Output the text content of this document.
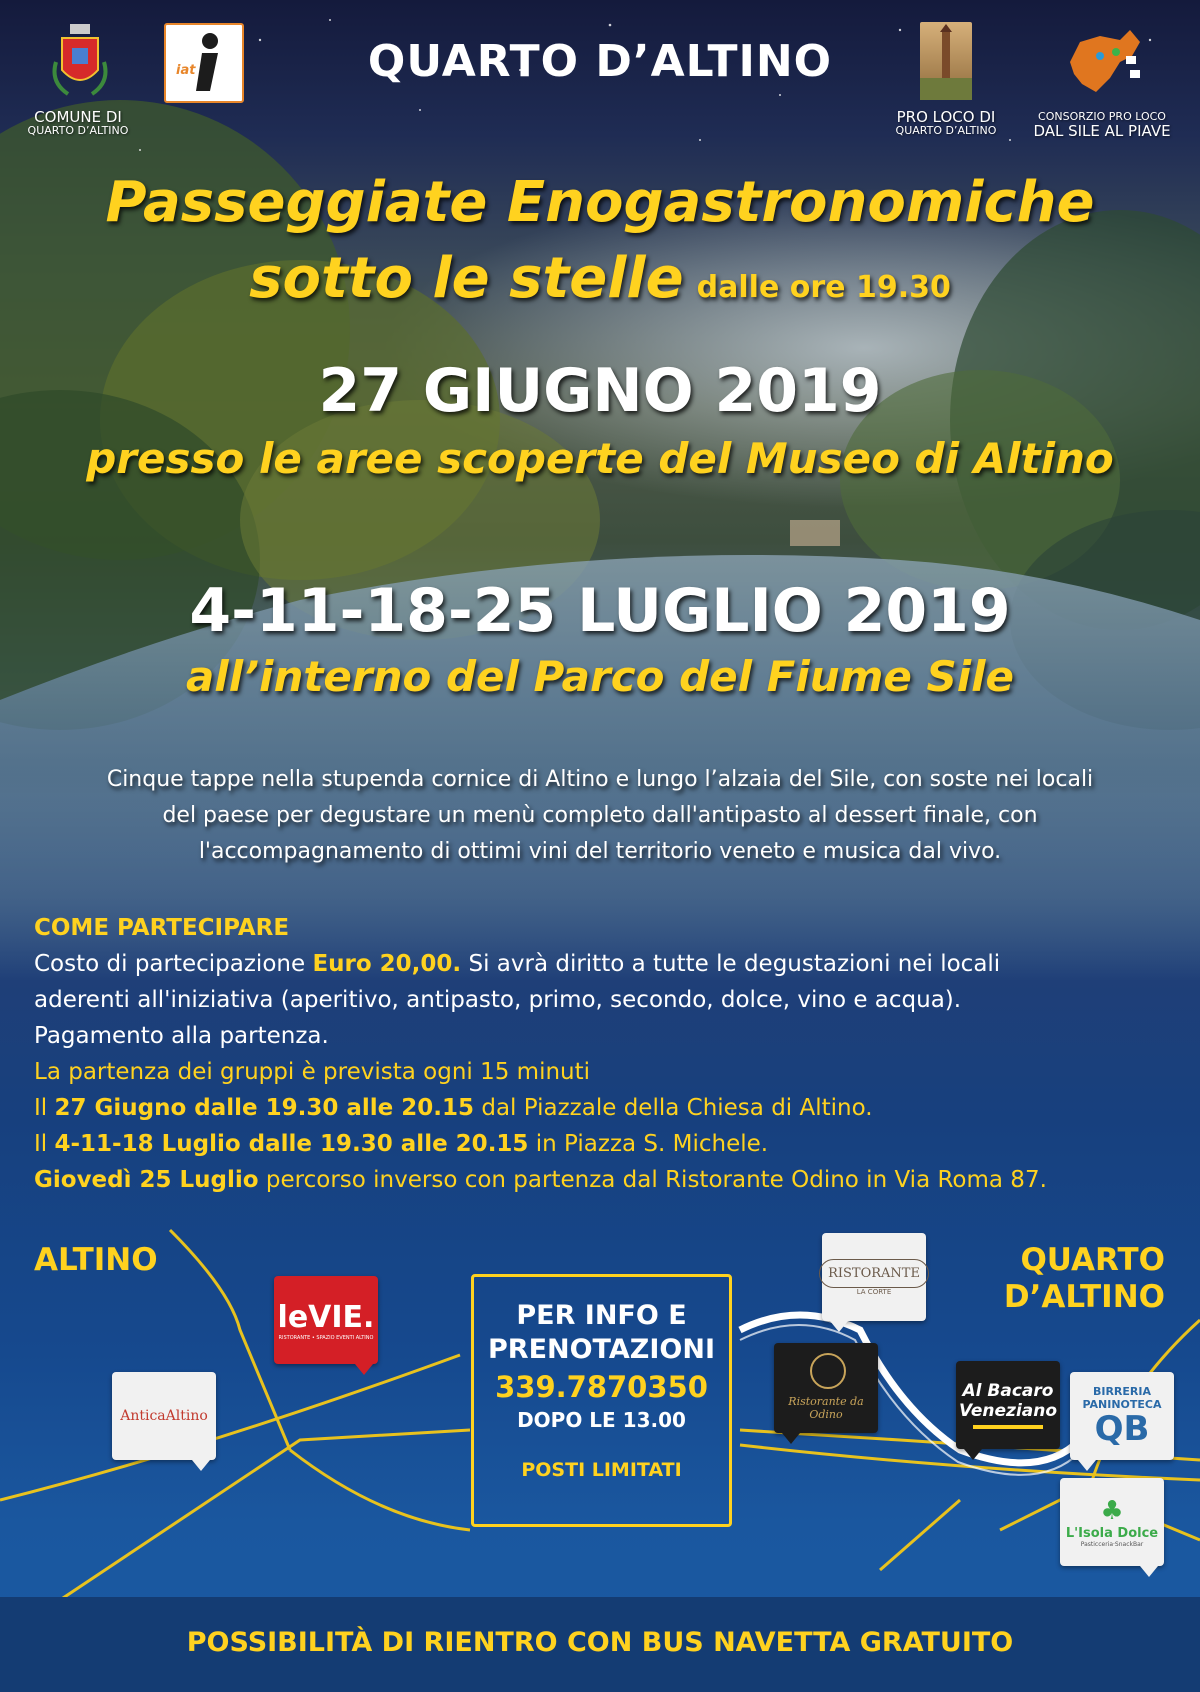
COMUNE DI
QUARTO D’ALTINO
iat	QUARTO D’ALTINO
PRO LOCO DI
QUARTO D’ALTINO
CONSORZIO PRO LOCO
DAL SILE AL PIAVE
Passeggiate Enogastronomiche
sotto le stelle dalle ore 19.30
27 GIUGNO 2019
presso le aree scoperte del Museo di Altino
4-11-18-25 LUGLIO 2019
all’interno del Parco del Fiume Sile
Cinque tappe nella stupenda cornice di Altino e lungo l’alzaia del Sile, con soste nei locali
del paese per degustare un menù completo dall'antipasto al dessert finale, con
l'accompagnamento di ottimi vini del territorio veneto e musica dal vivo.
COME PARTECIPARE
Costo di partecipazione Euro 20,00. Si avrà diritto a tutte le degustazioni nei locali
aderenti all'iniziativa (aperitivo, antipasto, primo, secondo, dolce, vino e acqua).
Pagamento alla partenza.
La partenza dei gruppi è prevista ogni 15 minuti
Il 27 Giugno dalle 19.30 alle 20.15 dal Piazzale della Chiesa di Altino.
Il 4-11-18 Luglio dalle 19.30 alle 20.15 in Piazza S. Michele.
Giovedì 25 Luglio percorso inverso con partenza dal Ristorante Odino in Via Roma 87.
ALTINO	QUARTO
D’ALTINO
leVIE.
RISTORANTE • SPAZIO EVENTI ALTINO
AnticaAltino
RISTORANTE
LA CORTE
Ristorante da Odino
Al Bacaro
Veneziano
BIRRERIA
PANINOTECA
QB
♣
L'Isola Dolce
Pasticceria·SnackBar
PER INFO E
PRENOTAZIONI
339.7870350
DOPO LE 13.00
POSTI LIMITATI
POSSIBILITÀ DI RIENTRO CON BUS NAVETTA GRATUITO
